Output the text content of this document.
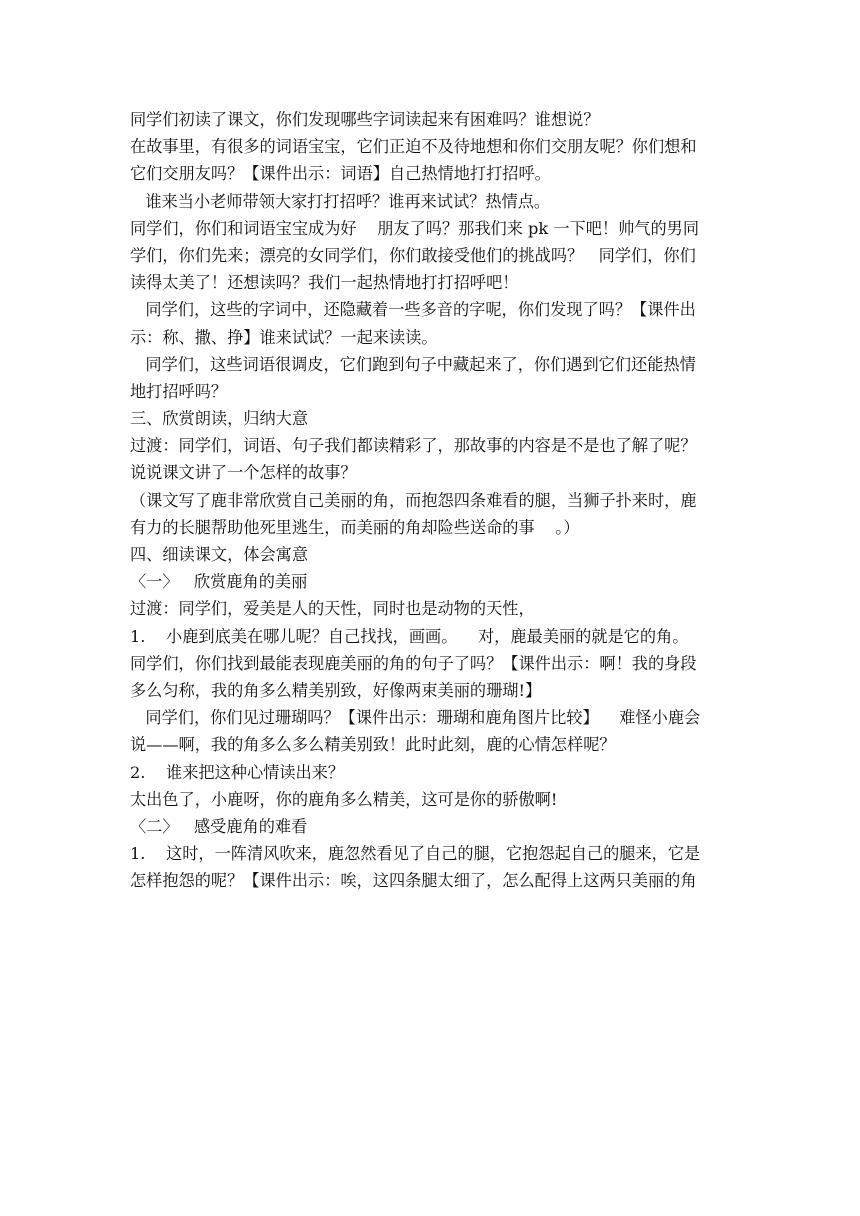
同学们初读了课文，你们发现哪些字词读起来有困难吗？谁想说？
在故事里，有很多的词语宝宝，它们正迫不及待地想和你们交朋友呢？你们想和
它们交朋友吗？【课件出示：词语】自己热情地打打招呼。
谁来当小老师带领大家打打招呼？谁再来试试？热情点。
同学们，你们和词语宝宝成为好    朋友了吗？那我们来 pk 一下吧！帅气的男同
学们，你们先来；漂亮的女同学们，你们敢接受他们的挑战吗？   同学们，你们
读得太美了！还想读吗？我们一起热情地打打招呼吧！
同学们，这些的字词中，还隐藏着一些多音的字呢，你们发现了吗？【课件出
示：称、撒、挣】谁来试试？一起来读读。
同学们，这些词语很调皮，它们跑到句子中藏起来了，你们遇到它们还能热情
地打招呼吗？
三、欣赏朗读，归纳大意
过渡：同学们，词语、句子我们都读精彩了，那故事的内容是不是也了解了呢？
说说课文讲了一个怎样的故事？
（课文写了鹿非常欣赏自己美丽的角，而抱怨四条难看的腿，当狮子扑来时，鹿
有力的长腿帮助他死里逃生，而美丽的角却险些送命的事    。）
四、细读课文，体会寓意
〈一〉   欣赏鹿角的美丽
过渡：同学们，爱美是人的天性，同时也是动物的天性，
1.    小鹿到底美在哪儿呢？自己找找，画画。    对，鹿最美丽的就是它的角。
同学们，你们找到最能表现鹿美丽的角的句子了吗？【课件出示：啊！我的身段
多么匀称，我的角多么精美别致，好像两束美丽的珊瑚!】
同学们，你们见过珊瑚吗？【课件出示：珊瑚和鹿角图片比较】    难怪小鹿会
说——啊，我的角多么多么精美别致！此时此刻，鹿的心情怎样呢？
2.    谁来把这种心情读出来？
太出色了，小鹿呀，你的鹿角多么精美，这可是你的骄傲啊!
〈二〉   感受鹿角的难看
1.    这时，一阵清风吹来，鹿忽然看见了自己的腿，它抱怨起自己的腿来，它是
怎样抱怨的呢？【课件出示：唉，这四条腿太细了，怎么配得上这两只美丽的角
